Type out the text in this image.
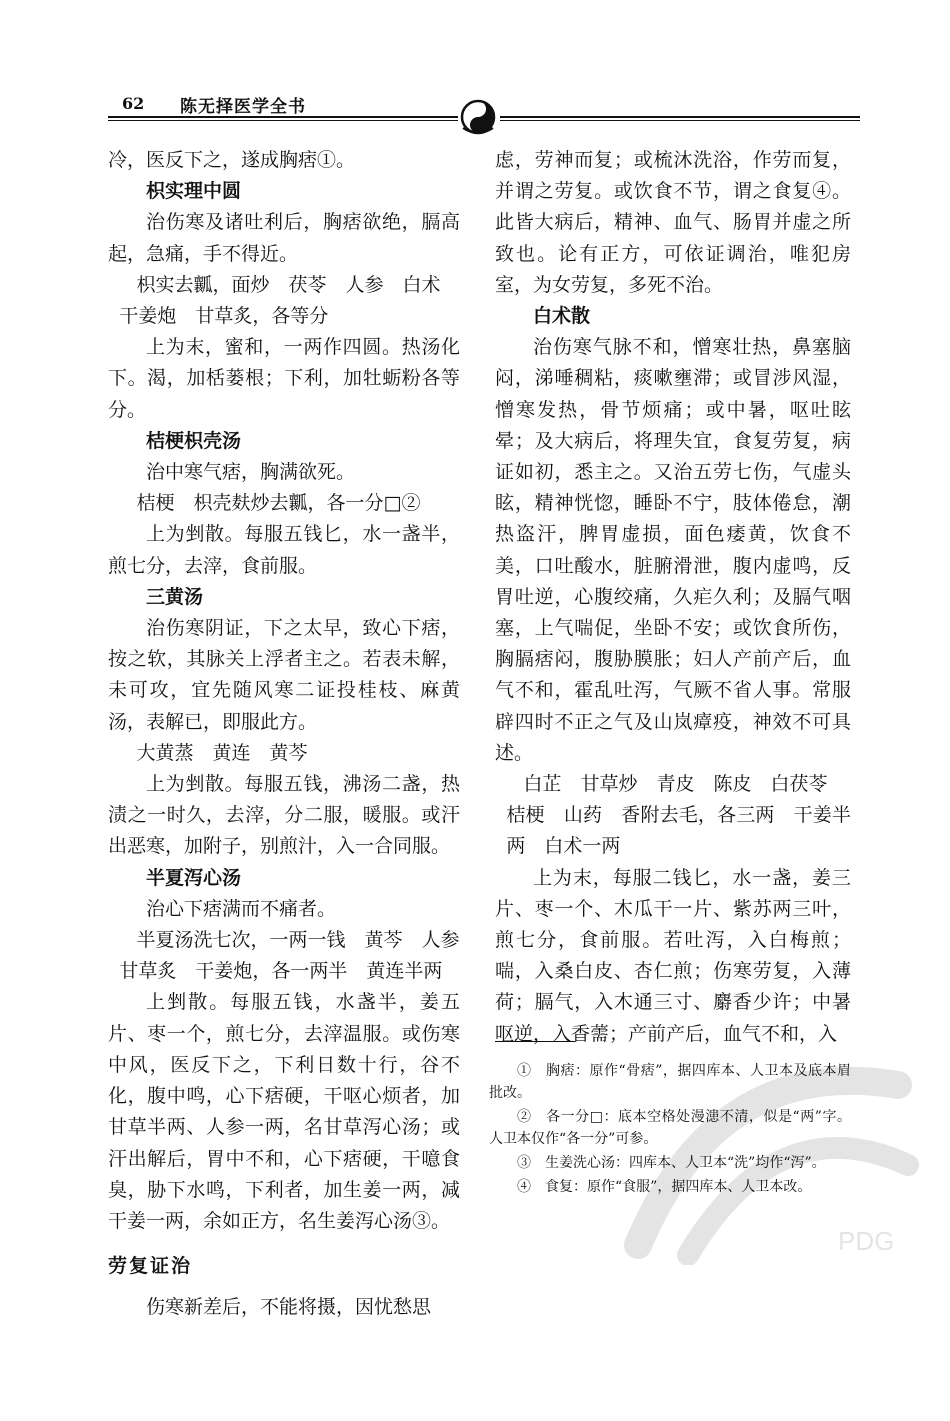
62 陈无择医学全书

冷，医反下之，遂成胸痞①。

枳实理中圆

治伤寒及诸吐利后，胸痞欲绝，膈高起，急痛，手不得近。

枳实去瓤，面炒　茯苓　人参　白术

干姜炮　甘草炙，各等分

上为末，蜜和，一两作四圆。热汤化下。渴，加栝蒌根；下利，加牡蛎粉各等分。

桔梗枳壳汤

治中寒气痞，胸满欲死。

桔梗　枳壳麸炒去瓤，各一分□②

上为剉散。每服五钱匕，水一盏半，煎七分，去滓，食前服。

三黄汤

治伤寒阴证，下之太早，致心下痞，按之软，其脉关上浮者主之。若表未解，未可攻，宜先随风寒二证投桂枝、麻黄汤，表解已，即服此方。

大黄蒸　黄连　黄芩

上为剉散。每服五钱，沸汤二盏，热渍之一时久，去滓，分二服，暖服。或汗出恶寒，加附子，别煎汁，入一合同服。

半夏泻心汤

治心下痞满而不痛者。

半夏汤洗七次，一两一钱　黄芩　人参

甘草炙　干姜炮，各一两半　黄连半两

上剉散。每服五钱，水盏半，姜五片、枣一个，煎七分，去滓温服。或伤寒中风，医反下之，下利日数十行，谷不化，腹中鸣，心下痞硬，干呕心烦者，加甘草半两、人参一两，名甘草泻心汤；或汗出解后，胃中不和，心下痞硬，干噫食臭，胁下水鸣，下利者，加生姜一两，减干姜一两，余如正方，名生姜泻心汤③。

劳复证治

伤寒新差后，不能将摄，因忧愁思

虑，劳神而复；或梳沐洗浴，作劳而复，并谓之劳复。或饮食不节，谓之食复④。此皆大病后，精神、血气、肠胃并虚之所致也。论有正方，可依证调治，唯犯房室，为女劳复，多死不治。

白术散

治伤寒气脉不和，憎寒壮热，鼻塞脑闷，涕唾稠粘，痰嗽壅滞；或冒涉风湿，憎寒发热，骨节烦痛；或中暑，呕吐眩晕；及大病后，将理失宜，食复劳复，病证如初，悉主之。又治五劳七伤，气虚头眩，精神恍惚，睡卧不宁，肢体倦怠，潮热盗汗，脾胃虚损，面色痿黄，饮食不美，口吐酸水，脏腑滑泄，腹内虚鸣，反胃吐逆，心腹绞痛，久疟久利；及膈气咽塞，上气喘促，坐卧不安；或饮食所伤，胸膈痞闷，腹胁膜胀；妇人产前产后，血气不和，霍乱吐泻，气厥不省人事。常服辟四时不正之气及山岚瘴疫，神效不可具述。

白芷　甘草炒　青皮　陈皮　白茯苓

桔梗　山药　香附去毛，各三两　干姜半两　白术一两

上为末，每服二钱匕，水一盏，姜三片、枣一个、木瓜干一片、紫苏两三叶，煎七分，食前服。若吐泻，入白梅煎；喘，入桑白皮、杏仁煎；伤寒劳复，入薄荷；膈气，入木通三寸、麝香少许；中暑呕逆，入香薷；产前产后，血气不和，入

①　胸痞：原作“骨痞”，据四库本、人卫本及底本眉批改。

②　各一分□：底本空格处漫漶不清，似是“两”字。人卫本仅作“各一分”可参。

③　生姜洗心汤：四库本、人卫本“洗”均作“泻”。

④　食复：原作“食服”，据四库本、人卫本改。

PDG
